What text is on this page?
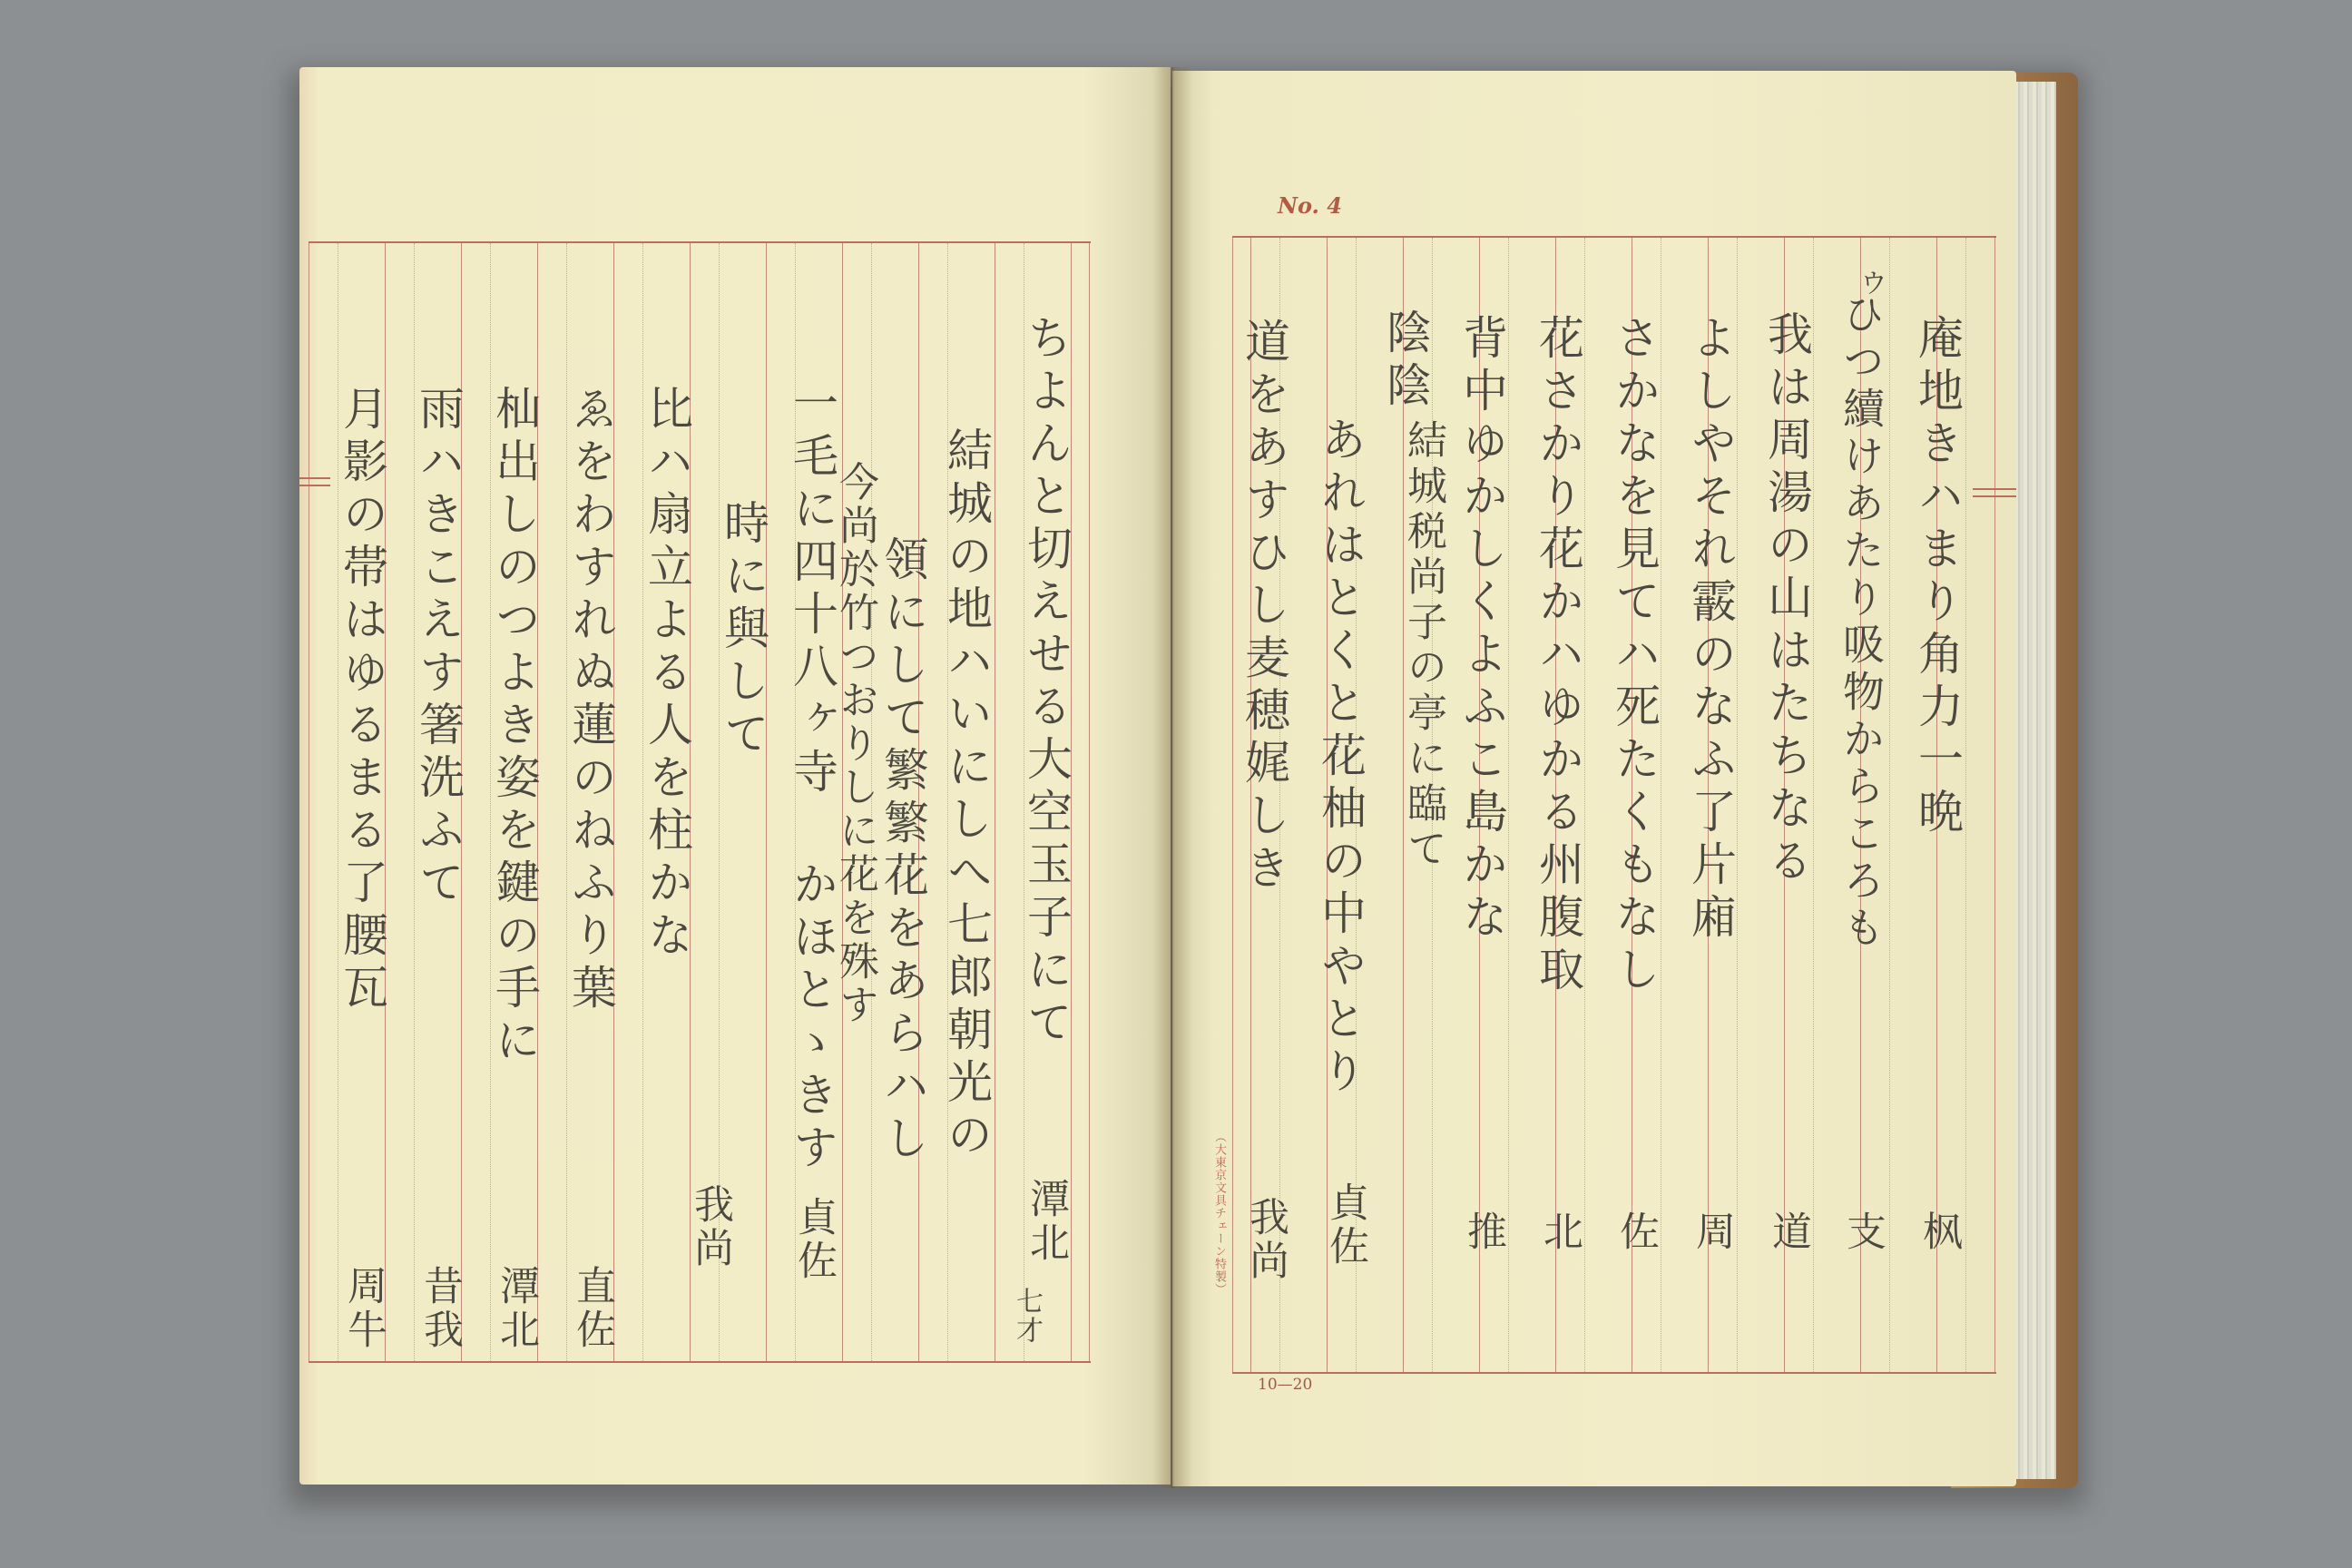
ちよんと切えせる大空玉子にて
潭北
七才
結城の地ハいにしへ七郎朝光の
領にして繁繁花をあらハし
今尚於竹つおりしに花を殊す
一毛に四十八ヶ寺 かほとゝきす
貞佐
時に與して
我尚
比ハ扇立よる人を柱かな
ゑをわすれぬ蓮のねふり葉
直佐
杣出しのつよき姿を鍵の手に
潭北
雨ハきこえす箸洗ふて
昔我
月影の帯はゆるまる了腰瓦
周牛
No. 4
（大東京文具チェーン特製）
10—20
庵地きハまり角力一晩
枫
ウ
ひつ續けあたり吸物からころも
支
我は周湯の山はたちなる
道
よしやそれ霰のなふ了片廂
周
さかなを見てハ死たくもなし
佐
花さかり花かハゆかる州腹取
北
背中ゆかしくよふこ島かな
推
陰陰
結城税尚子の亭に臨て
あれはとくと花柚の中やとり
貞佐
道をあすひし麦穂娓しき
我尚
